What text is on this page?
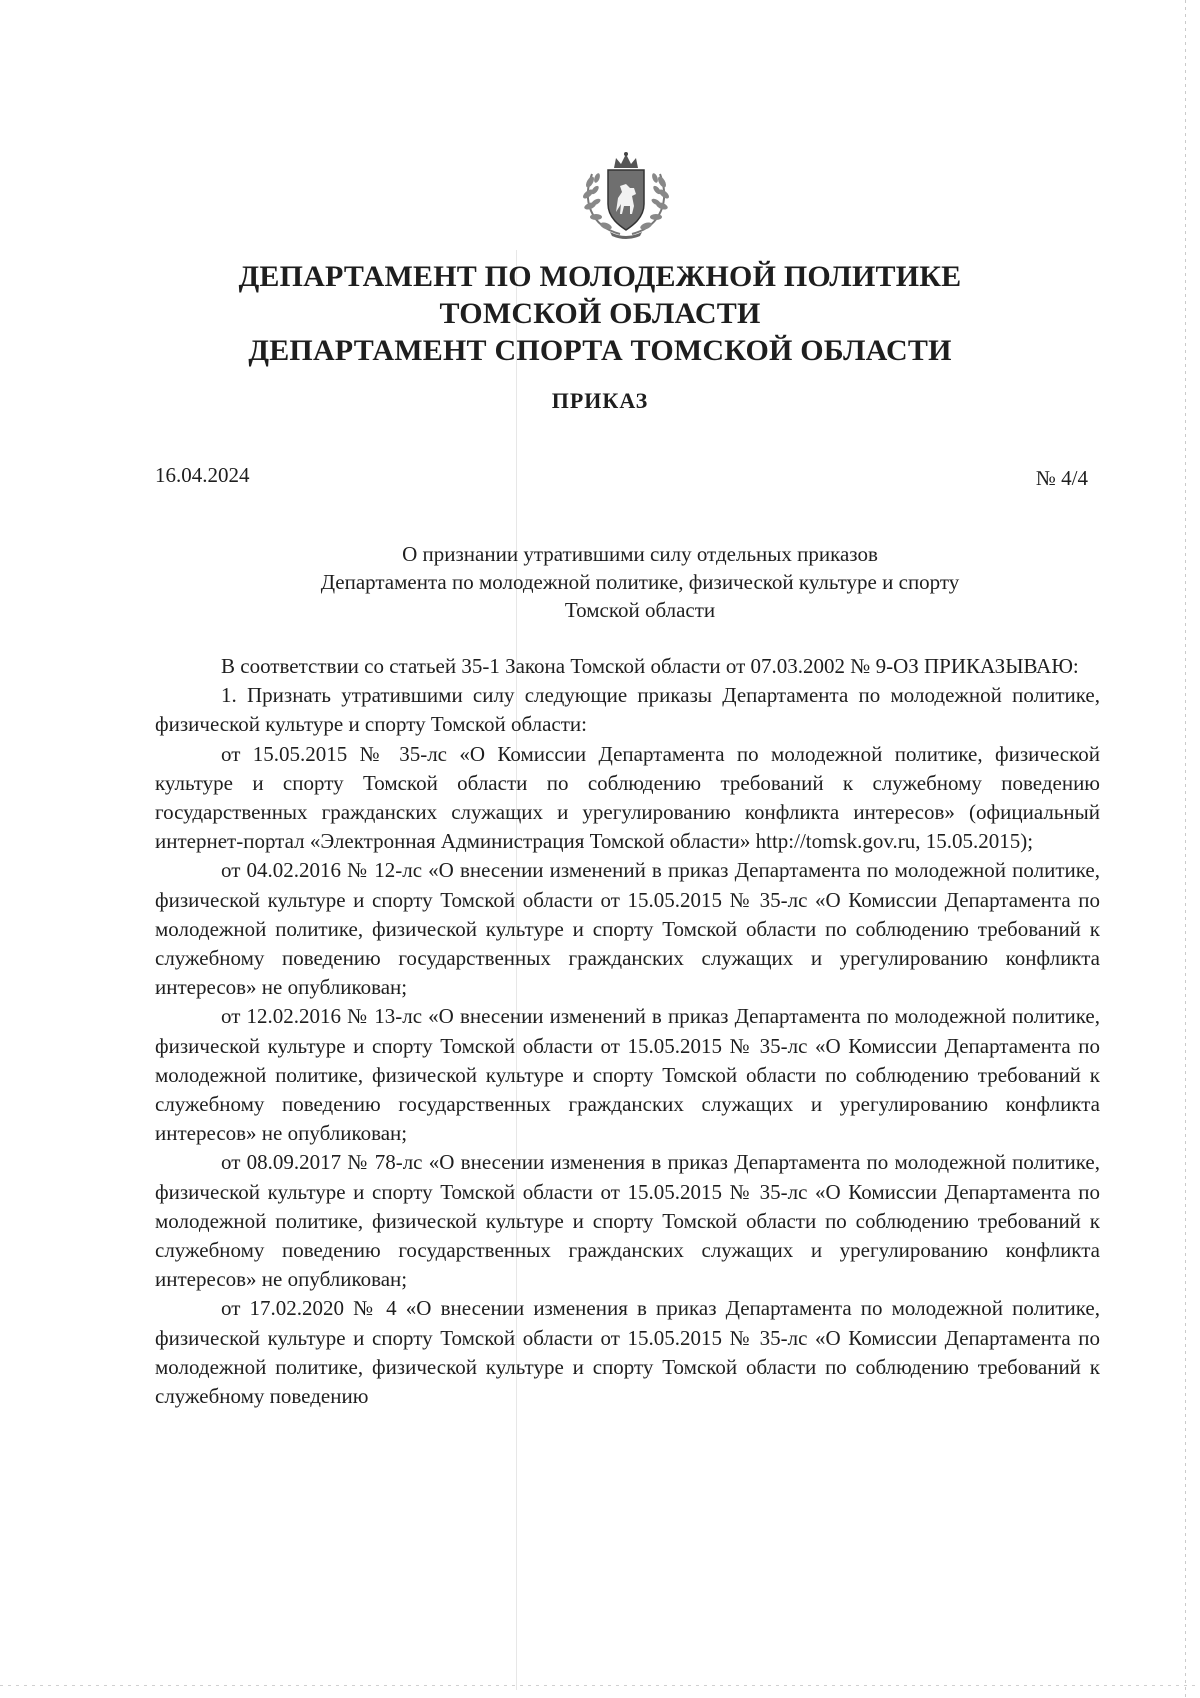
ДЕПАРТАМЕНТ ПО МОЛОДЕЖНОЙ ПОЛИТИКЕ
ТОМСКОЙ ОБЛАСТИ
ДЕПАРТАМЕНТ СПОРТА ТОМСКОЙ ОБЛАСТИ
ПРИКАЗ
16.04.2024	№ 4/4
О признании утратившими силу отдельных приказов
Департамента по молодежной политике, физической культуре и спорту
Томской области

В соответствии со статьей 35-1 Закона Томской области от 07.03.2002 № 9-ОЗ ПРИКАЗЫВАЮ:

1. Признать утратившими силу следующие приказы Департамента по молодежной политике, физической культуре и спорту Томской области:

от 15.05.2015 № 35-лс «О Комиссии Департамента по молодежной политике, физической культуре и спорту Томской области по соблюдению требований к служебному поведению государственных гражданских служащих и урегулированию конфликта интересов» (официальный интернет-портал «Электронная Администрация Томской области» http://tomsk.gov.ru, 15.05.2015);

от 04.02.2016 № 12-лс «О внесении изменений в приказ Департамента по молодежной политике, физической культуре и спорту Томской области от 15.05.2015 № 35-лс «О Комиссии Департамента по молодежной политике, физической культуре и спорту Томской области по соблюдению требований к служебному поведению государственных гражданских служащих и урегулированию конфликта интересов» не опубликован;

от 12.02.2016 № 13-лс «О внесении изменений в приказ Департамента по молодежной политике, физической культуре и спорту Томской области от 15.05.2015 № 35-лс «О Комиссии Департамента по молодежной политике, физической культуре и спорту Томской области по соблюдению требований к служебному поведению государственных гражданских служащих и урегулированию конфликта интересов» не опубликован;

от 08.09.2017 № 78-лс «О внесении изменения в приказ Департамента по молодежной политике, физической культуре и спорту Томской области от 15.05.2015 № 35-лс «О Комиссии Департамента по молодежной политике, физической культуре и спорту Томской области по соблюдению требований к служебному поведению государственных гражданских служащих и урегулированию конфликта интересов» не опубликован;

от 17.02.2020 № 4 «О внесении изменения в приказ Департамента по молодежной политике, физической культуре и спорту Томской области от 15.05.2015 № 35-лс «О Комиссии Департамента по молодежной политике, физической культуре и спорту Томской области по соблюдению требований к служебному поведению
